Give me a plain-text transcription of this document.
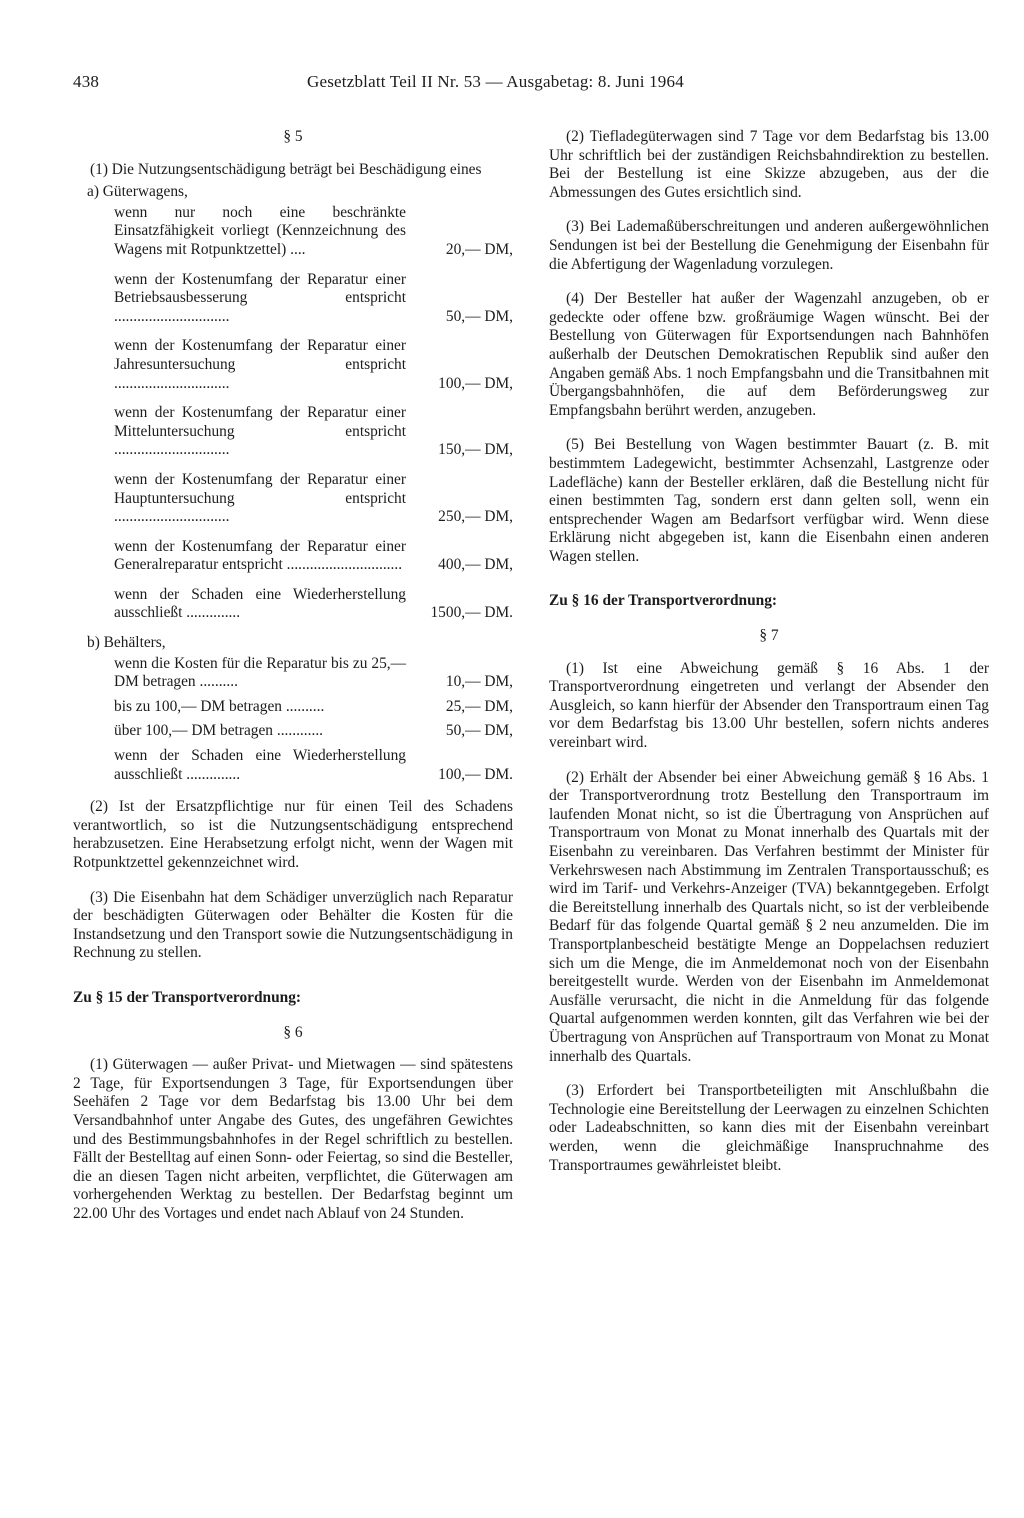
438	Gesetzblatt Teil II Nr. 53 — Ausgabetag: 8. Juni 1964
§ 5

(1) Die Nutzungsentschädigung beträgt bei Beschädigung eines

a) Güterwagens,
wenn nur noch eine beschränkte Einsatzfähigkeit vorliegt (Kennzeichnung des Wagens mit Rotpunktzettel) ....	20,— DM,
wenn der Kostenumfang der Reparatur einer Betriebsausbesserung entspricht ..............................	50,— DM,
wenn der Kostenumfang der Reparatur einer Jahresuntersuchung entspricht ..............................	100,— DM,
wenn der Kostenumfang der Reparatur einer Mitteluntersuchung entspricht ..............................	150,— DM,
wenn der Kostenumfang der Reparatur einer Hauptuntersuchung entspricht ..............................	250,— DM,
wenn der Kostenumfang der Reparatur einer Generalreparatur entspricht ..............................	400,— DM,
wenn der Schaden eine Wiederherstellung ausschließt ..............	1500,— DM.
b) Behälters,
wenn die Kosten für die Reparatur bis zu 25,— DM betragen ..........	10,— DM,
bis zu 100,— DM betragen ..........	25,— DM,
über 100,— DM betragen ............	50,— DM,
wenn der Schaden eine Wiederherstellung ausschließt ..............	100,— DM.

(2) Ist der Ersatzpflichtige nur für einen Teil des Schadens verantwortlich, so ist die Nutzungsentschädigung entsprechend herabzusetzen. Eine Herabsetzung erfolgt nicht, wenn der Wagen mit Rotpunktzettel gekennzeichnet wird.

(3) Die Eisenbahn hat dem Schädiger unverzüglich nach Reparatur der beschädigten Güterwagen oder Behälter die Kosten für die Instandsetzung und den Transport sowie die Nutzungsentschädigung in Rechnung zu stellen.

Zu § 15 der Transportverordnung:

§ 6

(1) Güterwagen — außer Privat- und Mietwagen — sind spätestens 2 Tage, für Exportsendungen 3 Tage, für Exportsendungen über Seehäfen 2 Tage vor dem Bedarfstag bis 13.00 Uhr bei dem Versandbahnhof unter Angabe des Gutes, des ungefähren Gewichtes und des Bestimmungsbahnhofes in der Regel schriftlich zu bestellen. Fällt der Bestelltag auf einen Sonn- oder Feiertag, so sind die Besteller, die an diesen Tagen nicht arbeiten, verpflichtet, die Güterwagen am vorhergehenden Werktag zu bestellen. Der Bedarfstag beginnt um 22.00 Uhr des Vortages und endet nach Ablauf von 24 Stunden.

(2) Tiefladegüterwagen sind 7 Tage vor dem Bedarfstag bis 13.00 Uhr schriftlich bei der zuständigen Reichsbahndirektion zu bestellen. Bei der Bestellung ist eine Skizze abzugeben, aus der die Abmessungen des Gutes ersichtlich sind.

(3) Bei Lademaßüberschreitungen und anderen außergewöhnlichen Sendungen ist bei der Bestellung die Genehmigung der Eisenbahn für die Abfertigung der Wagenladung vorzulegen.

(4) Der Besteller hat außer der Wagenzahl anzugeben, ob er gedeckte oder offene bzw. großräumige Wagen wünscht. Bei der Bestellung von Güterwagen für Exportsendungen nach Bahnhöfen außerhalb der Deutschen Demokratischen Republik sind außer den Angaben gemäß Abs. 1 noch Empfangsbahn und die Transitbahnen mit Übergangsbahnhöfen, die auf dem Beförderungsweg zur Empfangsbahn berührt werden, anzugeben.

(5) Bei Bestellung von Wagen bestimmter Bauart (z. B. mit bestimmtem Ladegewicht, bestimmter Achsenzahl, Lastgrenze oder Ladefläche) kann der Besteller erklären, daß die Bestellung nicht für einen bestimmten Tag, sondern erst dann gelten soll, wenn ein entsprechender Wagen am Bedarfsort verfügbar wird. Wenn diese Erklärung nicht abgegeben ist, kann die Eisenbahn einen anderen Wagen stellen.

Zu § 16 der Transportverordnung:

§ 7

(1) Ist eine Abweichung gemäß § 16 Abs. 1 der Transportverordnung eingetreten und verlangt der Absender den Ausgleich, so kann hierfür der Absender den Transportraum einen Tag vor dem Bedarfstag bis 13.00 Uhr bestellen, sofern nichts anderes vereinbart wird.

(2) Erhält der Absender bei einer Abweichung gemäß § 16 Abs. 1 der Transportverordnung trotz Bestellung den Transportraum im laufenden Monat nicht, so ist die Übertragung von Ansprüchen auf Transportraum von Monat zu Monat innerhalb des Quartals mit der Eisenbahn zu vereinbaren. Das Verfahren bestimmt der Minister für Verkehrswesen nach Abstimmung im Zentralen Transportausschuß; es wird im Tarif- und Verkehrs-Anzeiger (TVA) bekanntgegeben. Erfolgt die Bereitstellung innerhalb des Quartals nicht, so ist der verbleibende Bedarf für das folgende Quartal gemäß § 2 neu anzumelden. Die im Transportplanbescheid bestätigte Menge an Doppelachsen reduziert sich um die Menge, die im Anmeldemonat noch von der Eisenbahn bereitgestellt wurde. Werden von der Eisenbahn im Anmeldemonat Ausfälle verursacht, die nicht in die Anmeldung für das folgende Quartal aufgenommen werden konnten, gilt das Verfahren wie bei der Übertragung von Ansprüchen auf Transportraum von Monat zu Monat innerhalb des Quartals.

(3) Erfordert bei Transportbeteiligten mit Anschlußbahn die Technologie eine Bereitstellung der Leerwagen zu einzelnen Schichten oder Ladeabschnitten, so kann dies mit der Eisenbahn vereinbart werden, wenn die gleichmäßige Inanspruchnahme des Transportraumes gewährleistet bleibt.
